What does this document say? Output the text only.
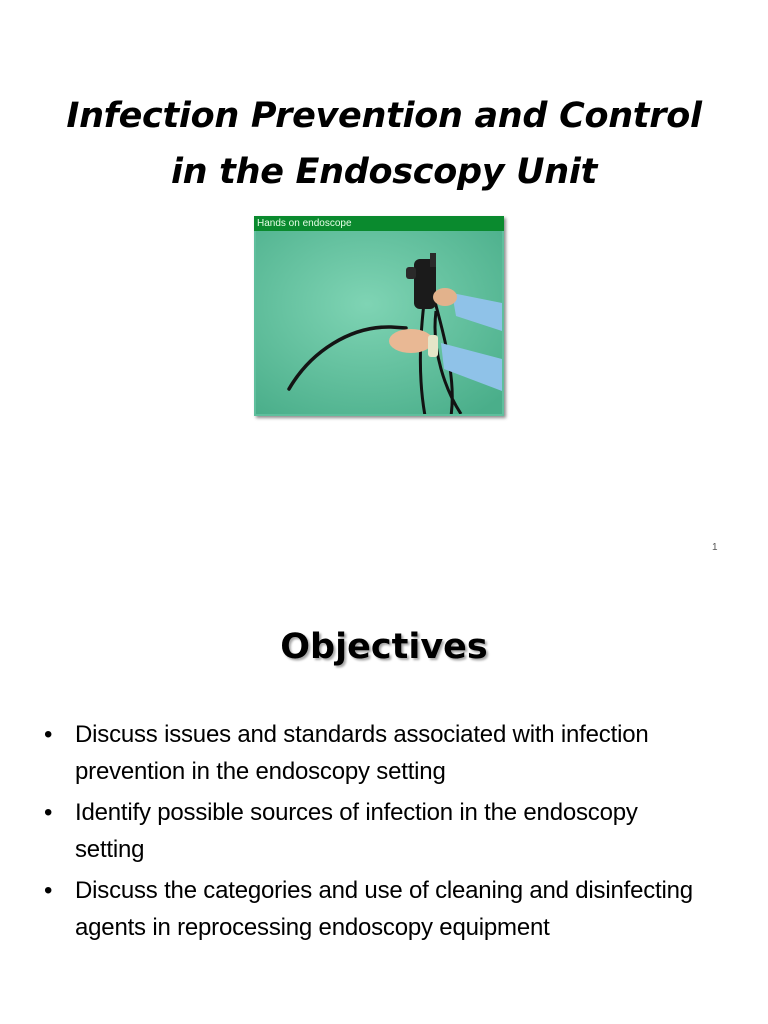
Infection Prevention and Control
in the Endoscopy Unit
Hands on endoscope
1
Objectives
• Discuss issues and standards associated with infection
prevention in the endoscopy setting
• Identify possible sources of infection in the endoscopy
setting
• Discuss the categories and use of cleaning and disinfecting
agents in reprocessing endoscopy equipment
